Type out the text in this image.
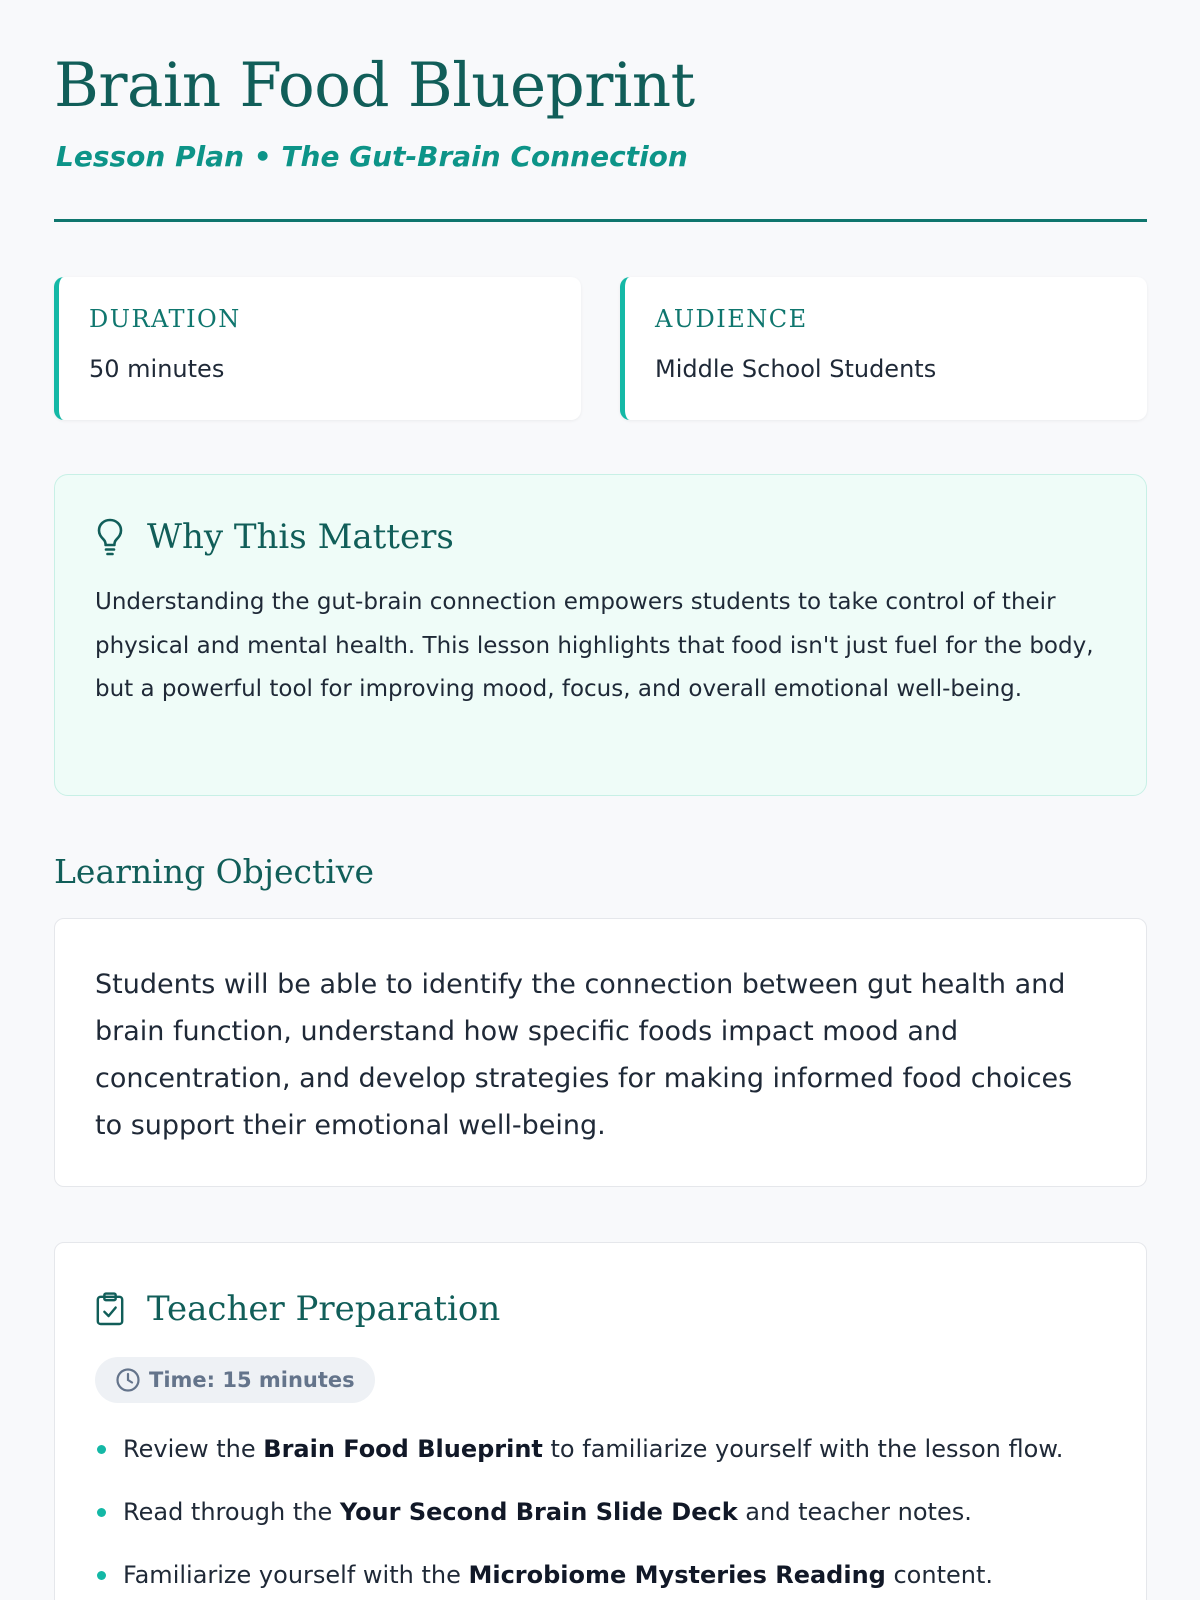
Brain Food Blueprint
Lesson Plan • The Gut-Brain Connection
DURATION
50 minutes
AUDIENCE
Middle School Students
Why This Matters

Understanding the gut-brain connection empowers students to take control of their physical and mental health. This lesson highlights that food isn't just fuel for the body, but a powerful tool for improving mood, focus, and overall emotional well-being.

Learning Objective

Students will be able to identify the connection between gut health and brain function, understand how specific foods impact mood and concentration, and develop strategies for making informed food choices to support their emotional well-being.

Teacher Preparation
Time: 15 minutes
Review the Brain Food Blueprint to familiarize yourself with the lesson flow.
Read through the Your Second Brain Slide Deck and teacher notes.
Familiarize yourself with the Microbiome Mysteries Reading content.
